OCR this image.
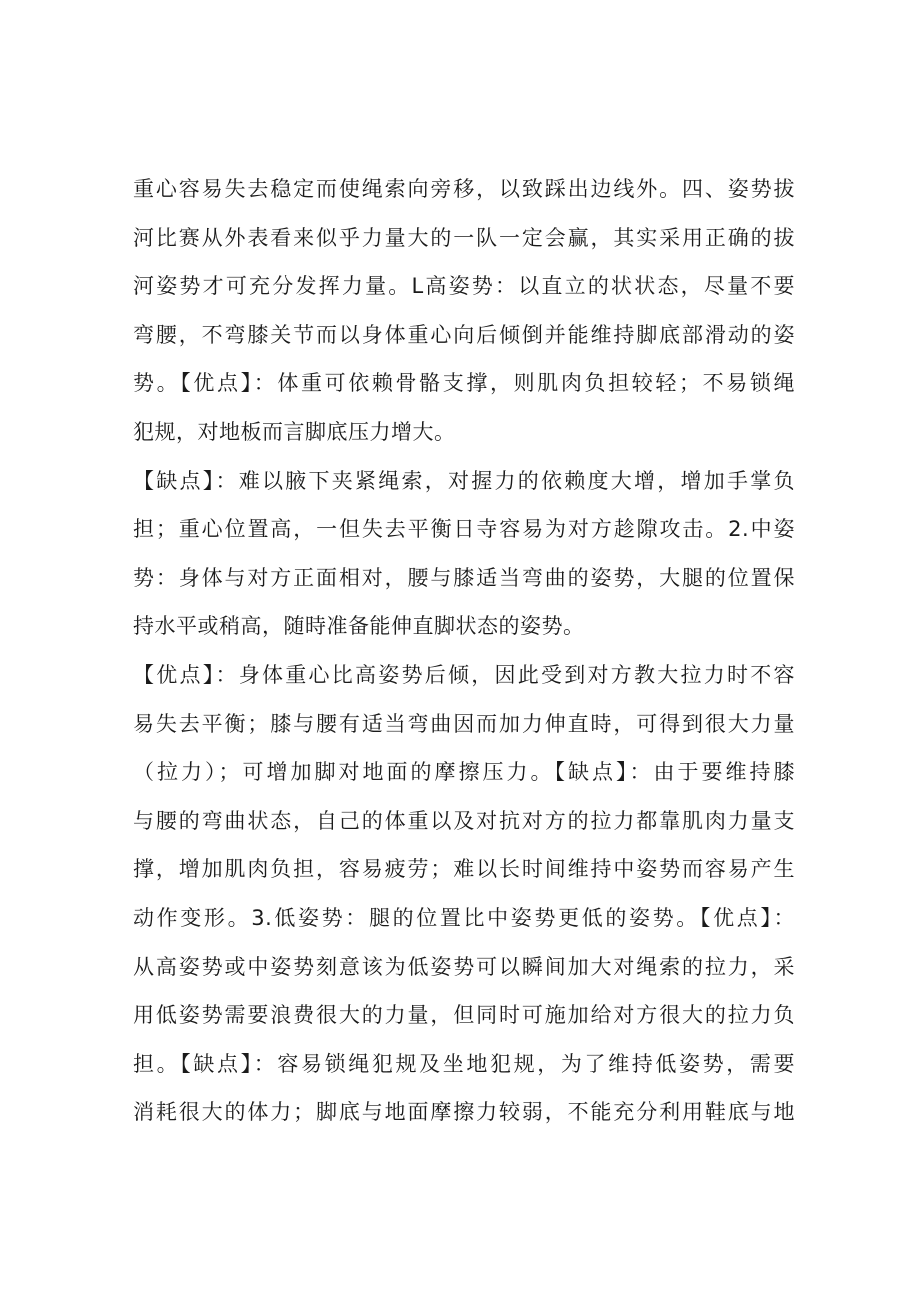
重心容易失去稳定而使绳索向旁移，以致踩出边线外。四、姿势拔
河比赛从外表看来似乎力量大的一队一定会赢，其实采用正确的拔
河姿势才可充分发挥力量。L高姿势：以直立的状状态，尽量不要
弯腰，不弯膝关节而以身体重心向后倾倒并能维持脚底部滑动的姿
势。【优点】：体重可依赖骨骼支撑，则肌肉负担较轻；不易锁绳
犯规，对地板而言脚底压力增大。
【缺点】：难以腋下夹紧绳索，对握力的依赖度大增，增加手掌负
担；重心位置高，一但失去平衡日寺容易为对方趁隙攻击。2.中姿
势：身体与对方正面相对，腰与膝适当弯曲的姿势，大腿的位置保
持水平或稍高，随時准备能伸直脚状态的姿势。
【优点】：身体重心比高姿势后倾，因此受到对方教大拉力时不容
易失去平衡；膝与腰有适当弯曲因而加力伸直時，可得到很大力量
（拉力）；可增加脚对地面的摩擦压力。【缺点】：由于要维持膝
与腰的弯曲状态，自己的体重以及对抗对方的拉力都靠肌肉力量支
撑，增加肌肉负担，容易疲劳；难以长时间维持中姿势而容易产生
动作变形。3.低姿势：腿的位置比中姿势更低的姿势。【优点】：
从高姿势或中姿势刻意该为低姿势可以瞬间加大对绳索的拉力，采
用低姿势需要浪费很大的力量，但同时可施加给对方很大的拉力负
担。【缺点】：容易锁绳犯规及坐地犯规，为了维持低姿势，需要
消耗很大的体力；脚底与地面摩擦力较弱，不能充分利用鞋底与地
